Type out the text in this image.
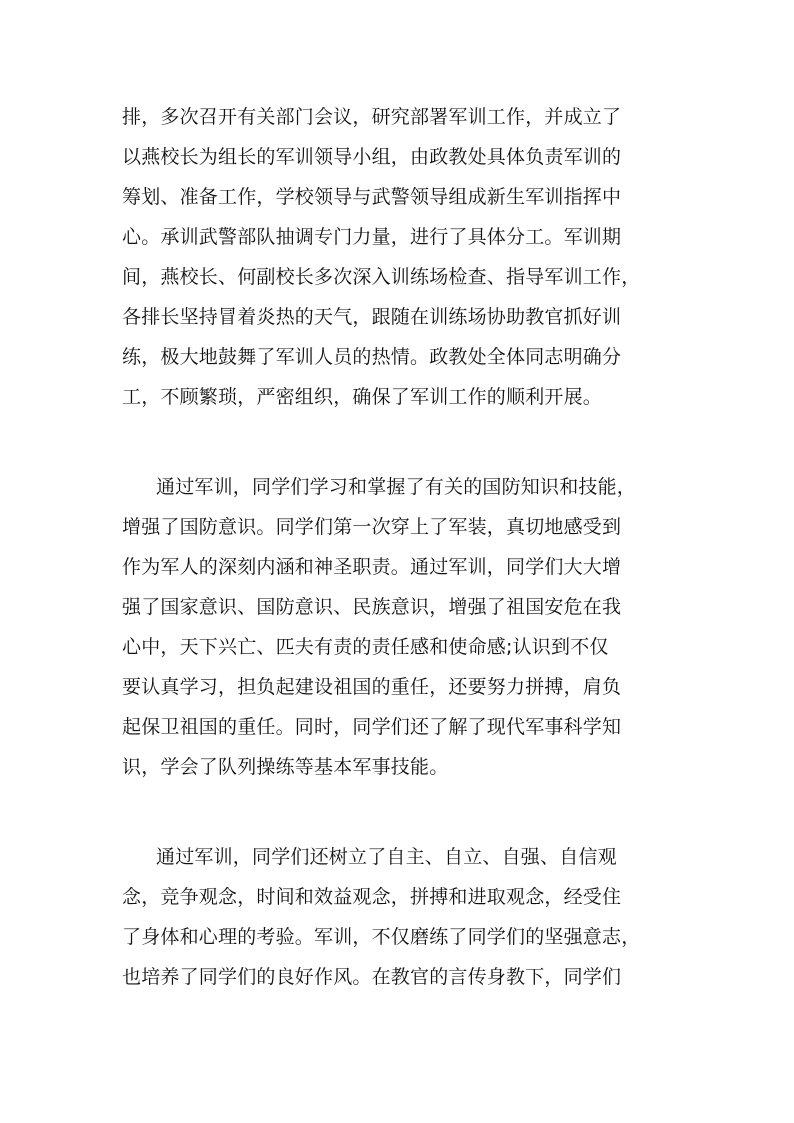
排，多次召开有关部门会议，研究部署军训工作，并成立了
以燕校长为组长的军训领导小组，由政教处具体负责军训的
筹划、准备工作，学校领导与武警领导组成新生军训指挥中
心。承训武警部队抽调专门力量，进行了具体分工。军训期
间，燕校长、何副校长多次深入训练场检查、指导军训工作，
各排长坚持冒着炎热的天气，跟随在训练场协助教官抓好训
练，极大地鼓舞了军训人员的热情。政教处全体同志明确分
工，不顾繁琐，严密组织，确保了军训工作的顺利开展。
通过军训，同学们学习和掌握了有关的国防知识和技能，
增强了国防意识。同学们第一次穿上了军装，真切地感受到
作为军人的深刻内涵和神圣职责。通过军训，同学们大大增
强了国家意识、国防意识、民族意识，增强了祖国安危在我
心中，天下兴亡、匹夫有责的责任感和使命感;认识到不仅
要认真学习，担负起建设祖国的重任，还要努力拼搏，肩负
起保卫祖国的重任。同时，同学们还了解了现代军事科学知
识，学会了队列操练等基本军事技能。
通过军训，同学们还树立了自主、自立、自强、自信观
念，竞争观念，时间和效益观念，拼搏和进取观念，经受住
了身体和心理的考验。军训，不仅磨练了同学们的坚强意志，
也培养了同学们的良好作风。在教官的言传身教下，同学们
